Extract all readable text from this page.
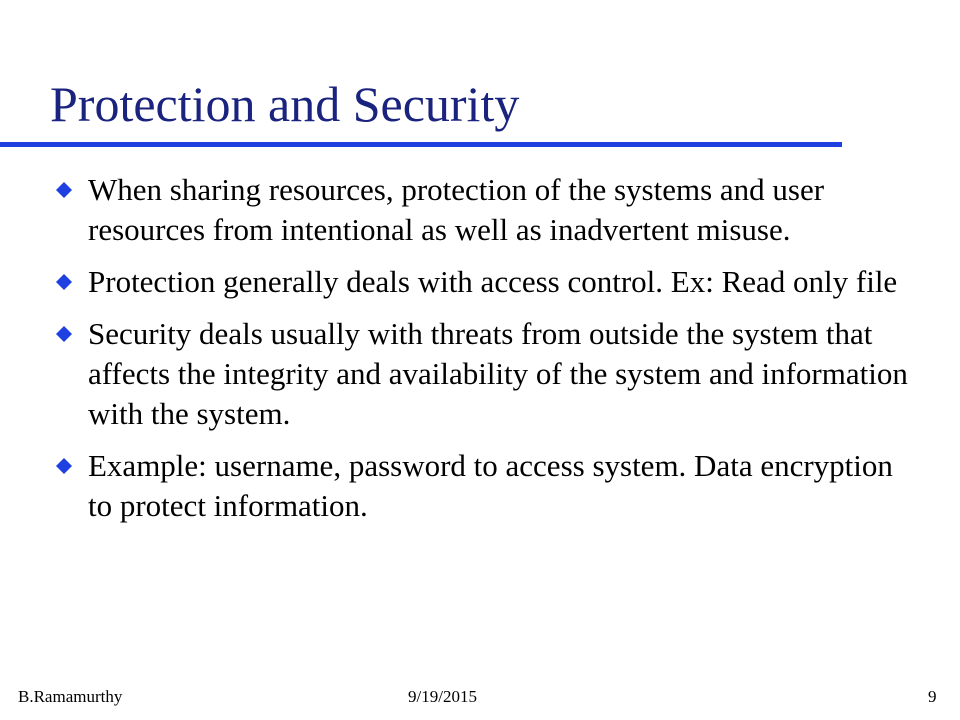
Protection and Security
When sharing resources, protection of the systems and user resources from intentional as well as inadvertent misuse.
Protection generally deals with access control. Ex: Read only file
Security deals usually with threats from outside the system that affects the integrity and availability of the system and information with the system.
Example: username, password to access system. Data encryption to protect information.
B.Ramamurthy	9/19/2015	9
